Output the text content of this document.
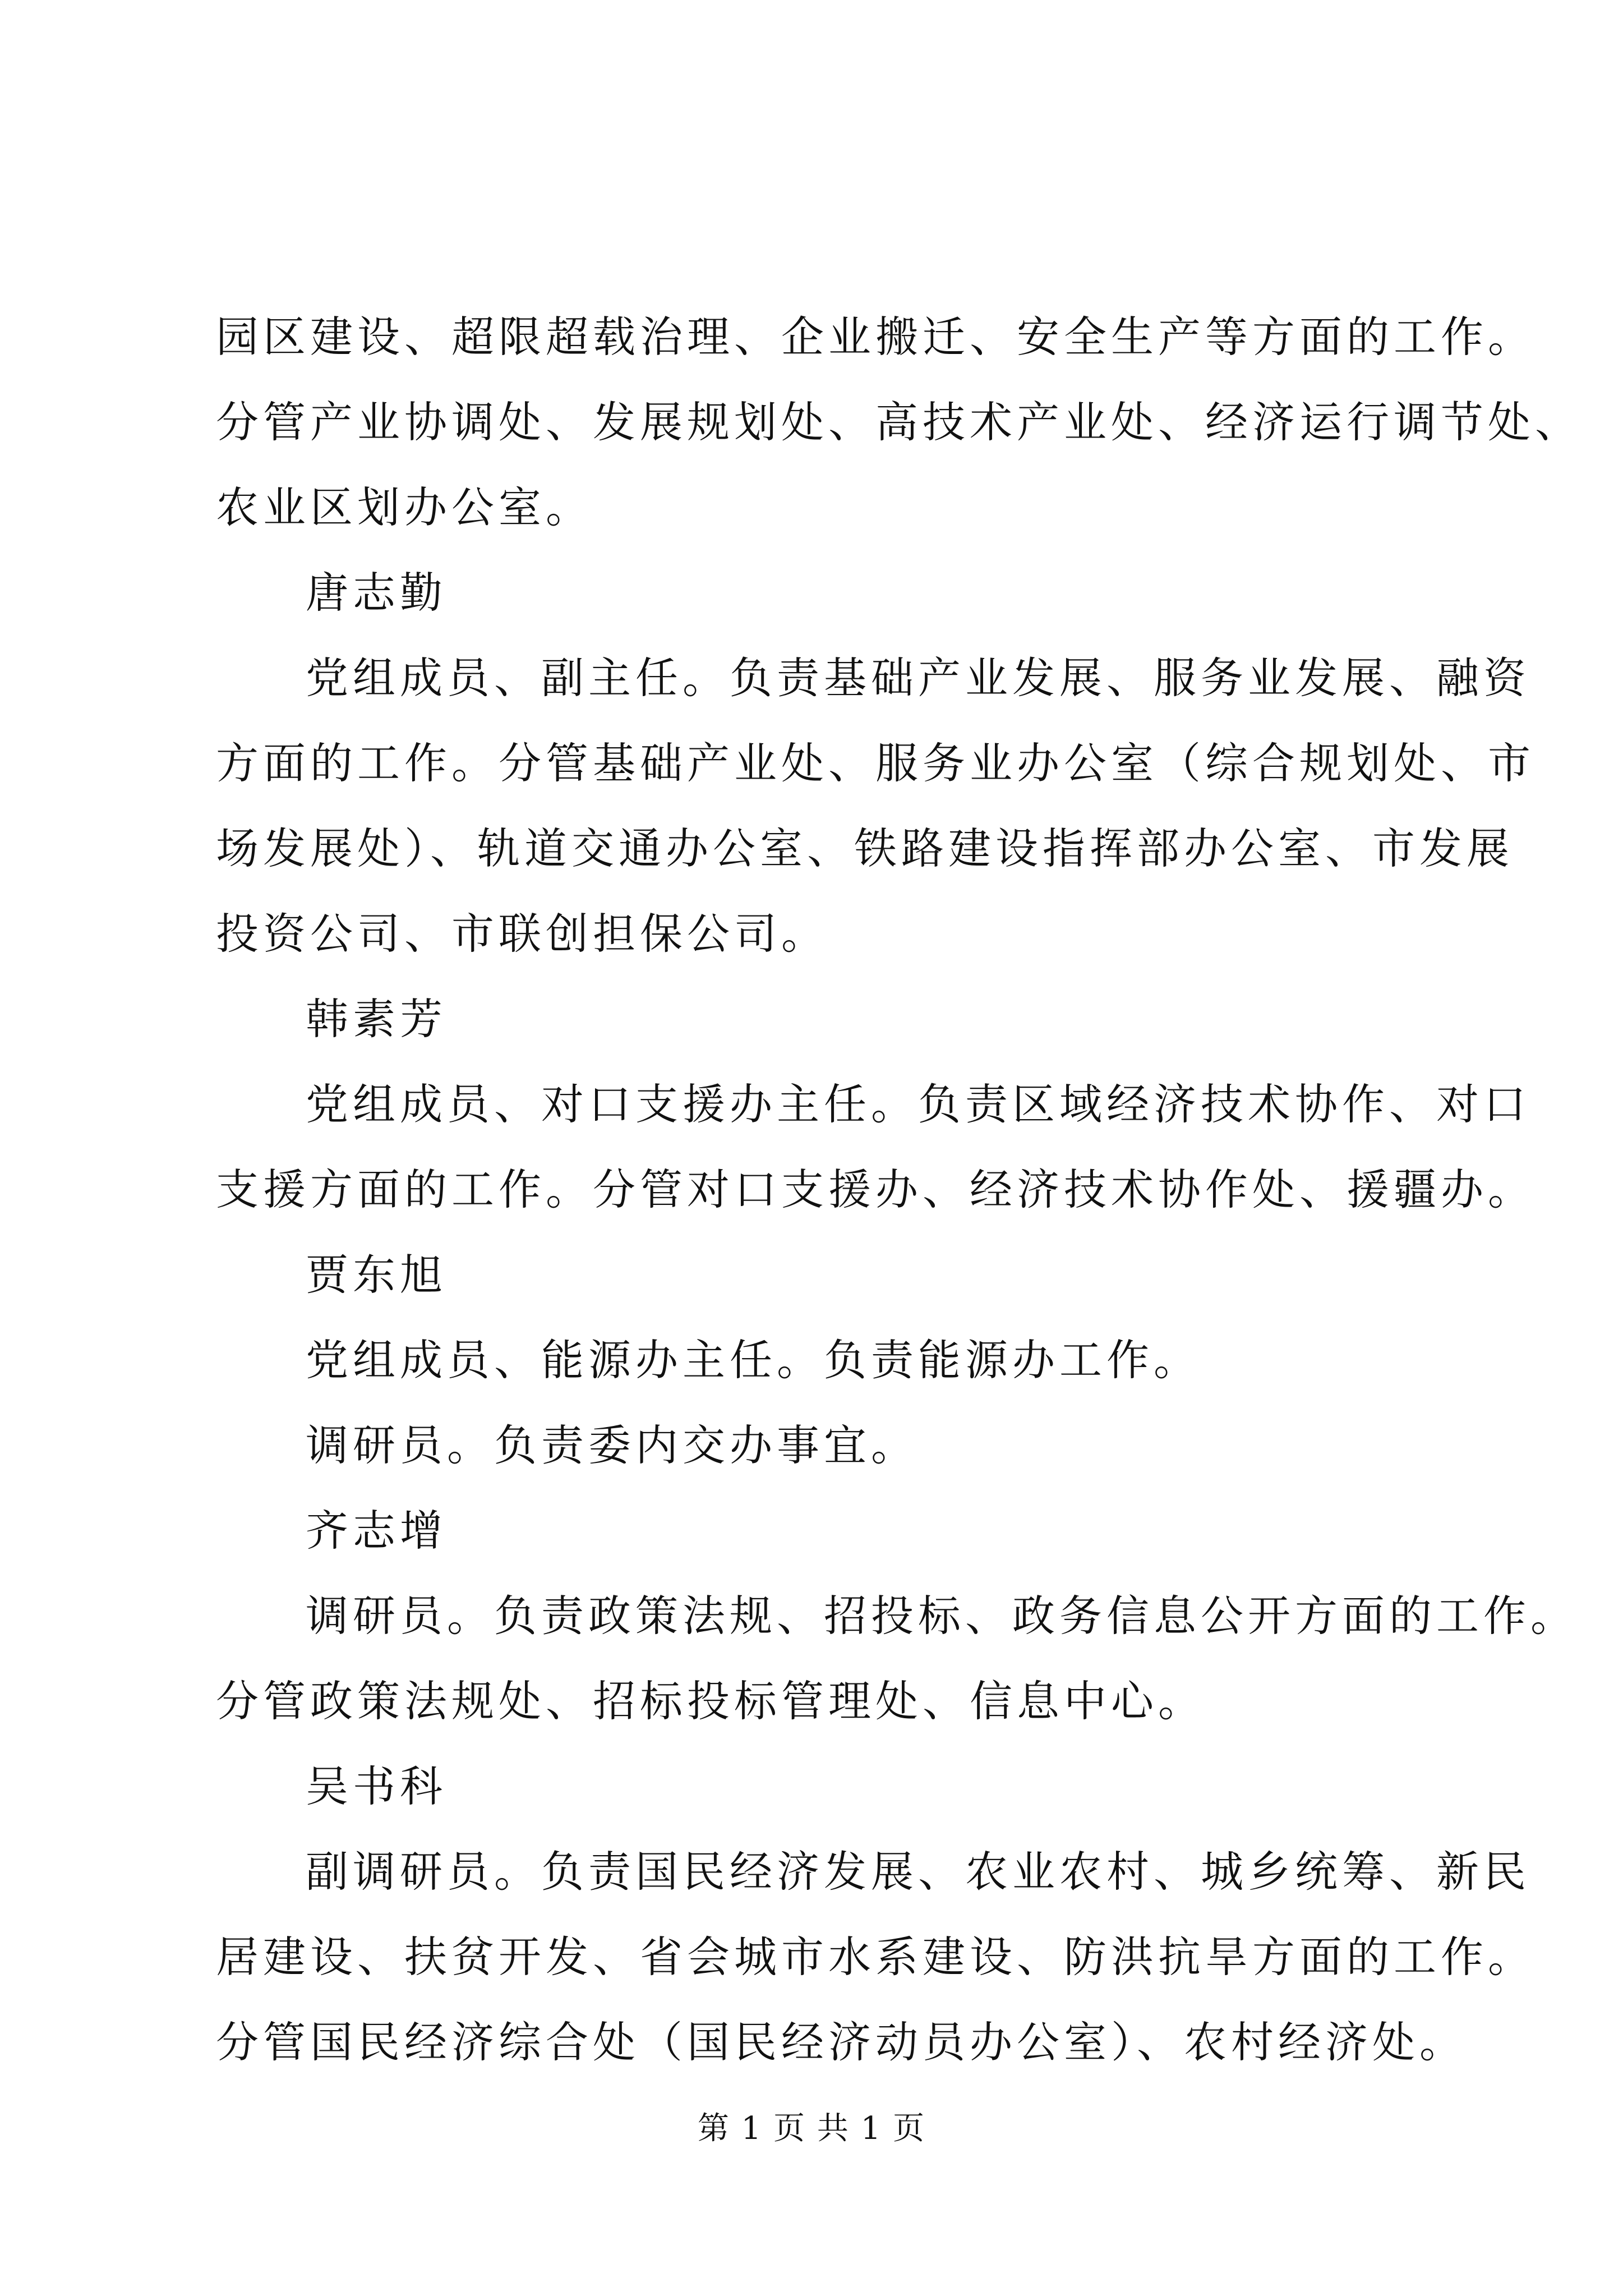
园区建设、超限超载治理、企业搬迁、安全生产等方面的工作。
分管产业协调处、发展规划处、高技术产业处、经济运行调节处、
农业区划办公室。
唐志勤
党组成员、副主任。负责基础产业发展、服务业发展、融资
方面的工作。分管基础产业处、服务业办公室（综合规划处、市
场发展处）、轨道交通办公室、铁路建设指挥部办公室、市发展
投资公司、市联创担保公司。
韩素芳
党组成员、对口支援办主任。负责区域经济技术协作、对口
支援方面的工作。分管对口支援办、经济技术协作处、援疆办。
贾东旭
党组成员、能源办主任。负责能源办工作。
调研员。负责委内交办事宜。
齐志增
调研员。负责政策法规、招投标、政务信息公开方面的工作。
分管政策法规处、招标投标管理处、信息中心。
吴书科
副调研员。负责国民经济发展、农业农村、城乡统筹、新民
居建设、扶贫开发、省会城市水系建设、防洪抗旱方面的工作。
分管国民经济综合处（国民经济动员办公室）、农村经济处。
第 1 页 共 1 页
